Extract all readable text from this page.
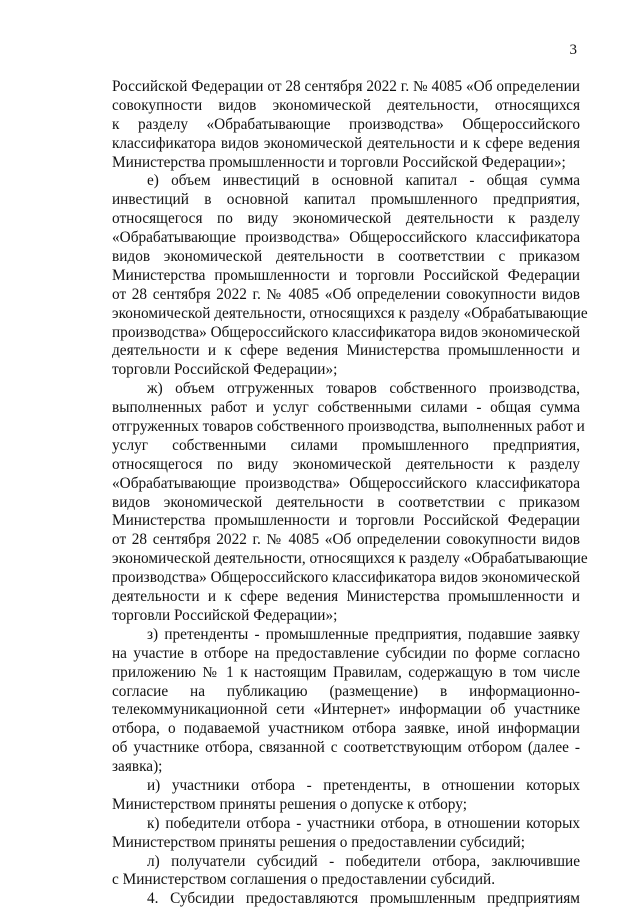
3
Российской Федерации от 28 сентября 2022 г. № 4085 «Об определении
совокупности видов экономической деятельности, относящихся
к разделу «Обрабатывающие производства» Общероссийского
классификатора видов экономической деятельности и к сфере ведения
Министерства промышленности и торговли Российской Федерации»;
е) объем инвестиций в основной капитал - общая сумма
инвестиций в основной капитал промышленного предприятия,
относящегося по виду экономической деятельности к разделу
«Обрабатывающие производства» Общероссийского классификатора
видов экономической деятельности в соответствии с приказом
Министерства промышленности и торговли Российской Федерации
от 28 сентября 2022 г. № 4085 «Об определении совокупности видов
экономической деятельности, относящихся к разделу «Обрабатывающие
производства» Общероссийского классификатора видов экономической
деятельности и к сфере ведения Министерства промышленности и
торговли Российской Федерации»;
ж) объем отгруженных товаров собственного производства,
выполненных работ и услуг собственными силами - общая сумма
отгруженных товаров собственного производства, выполненных работ и
услуг собственными силами промышленного предприятия,
относящегося по виду экономической деятельности к разделу
«Обрабатывающие производства» Общероссийского классификатора
видов экономической деятельности в соответствии с приказом
Министерства промышленности и торговли Российской Федерации
от 28 сентября 2022 г. № 4085 «Об определении совокупности видов
экономической деятельности, относящихся к разделу «Обрабатывающие
производства» Общероссийского классификатора видов экономической
деятельности и к сфере ведения Министерства промышленности и
торговли Российской Федерации»;
з) претенденты - промышленные предприятия, подавшие заявку
на участие в отборе на предоставление субсидии по форме согласно
приложению № 1 к настоящим Правилам, содержащую в том числе
согласие на публикацию (размещение) в информационно-
телекоммуникационной сети «Интернет» информации об участнике
отбора, о подаваемой участником отбора заявке, иной информации
об участнике отбора, связанной с соответствующим отбором (далее -
заявка);
и) участники отбора - претенденты, в отношении которых
Министерством приняты решения о допуске к отбору;
к) победители отбора - участники отбора, в отношении которых
Министерством приняты решения о предоставлении субсидий;
л) получатели субсидий - победители отбора, заключившие
с Министерством соглашения о предоставлении субсидий.
4. Субсидии предоставляются промышленным предприятиям
